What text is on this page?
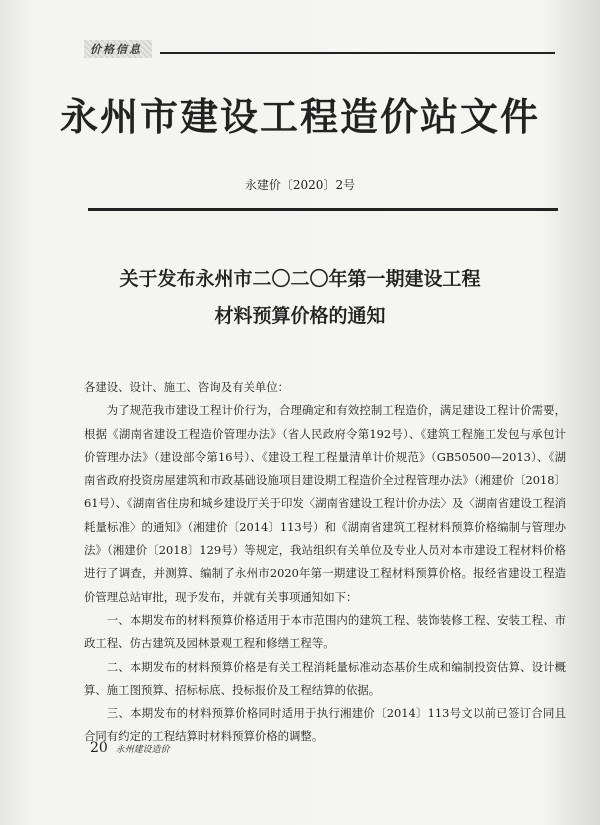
价格信息
永州市建设工程造价站文件
永建价〔2020〕2号
关于发布永州市二〇二〇年第一期建设工程
材料预算价格的通知

各建设、设计、施工、咨询及有关单位：

为了规范我市建设工程计价行为，合理确定和有效控制工程造价，满足建设工程计价需要，根据《湖南省建设工程造价管理办法》（省人民政府令第192号）、《建筑工程施工发包与承包计价管理办法》（建设部令第16号）、《建设工程工程量清单计价规范》（GB50500—2013）、《湖南省政府投资房屋建筑和市政基础设施项目建设期工程造价全过程管理办法》（湘建价〔2018〕61号）、《湖南省住房和城乡建设厅关于印发〈湖南省建设工程计价办法〉及〈湖南省建设工程消耗量标准〉的通知》（湘建价〔2014〕113号）和《湖南省建筑工程材料预算价格编制与管理办法》（湘建价〔2018〕129号）等规定，我站组织有关单位及专业人员对本市建设工程材料价格进行了调查，并测算、编制了永州市2020年第一期建设工程材料预算价格。报经省建设工程造价管理总站审批，现予发布，并就有关事项通知如下：

一、本期发布的材料预算价格适用于本市范围内的建筑工程、装饰装修工程、安装工程、市政工程、仿古建筑及园林景观工程和修缮工程等。

二、本期发布的材料预算价格是有关工程消耗量标准动态基价生成和编制投资估算、设计概算、施工图预算、招标标底、投标报价及工程结算的依据。

三、本期发布的材料预算价格同时适用于执行湘建价〔2014〕113号文以前已签订合同且合同有约定的工程结算时材料预算价格的调整。

20 永州建设造价
